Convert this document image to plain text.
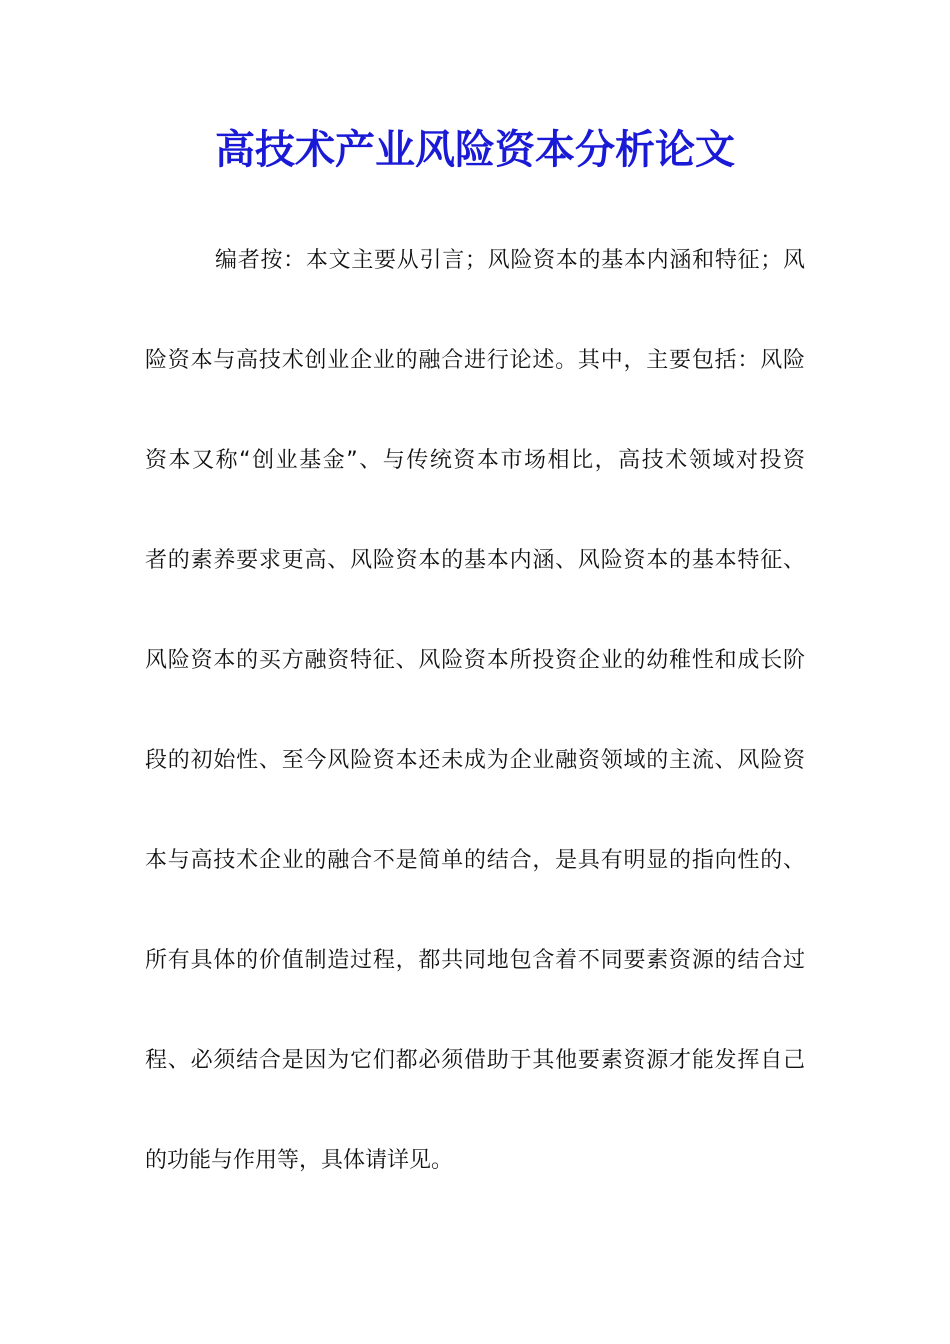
高技术产业风险资本分析论文
编者按：本文主要从引言；风险资本的基本内涵和特征；风
险资本与高技术创业企业的融合进行论述。其中，主要包括：风险
资本又称“创业基金”、与传统资本市场相比，高技术领域对投资
者的素养要求更高、风险资本的基本内涵、风险资本的基本特征、
风险资本的买方融资特征、风险资本所投资企业的幼稚性和成长阶
段的初始性、至今风险资本还未成为企业融资领域的主流、风险资
本与高技术企业的融合不是简单的结合，是具有明显的指向性的、
所有具体的价值制造过程，都共同地包含着不同要素资源的结合过
程、必须结合是因为它们都必须借助于其他要素资源才能发挥自己
的功能与作用等，具体请详见。
